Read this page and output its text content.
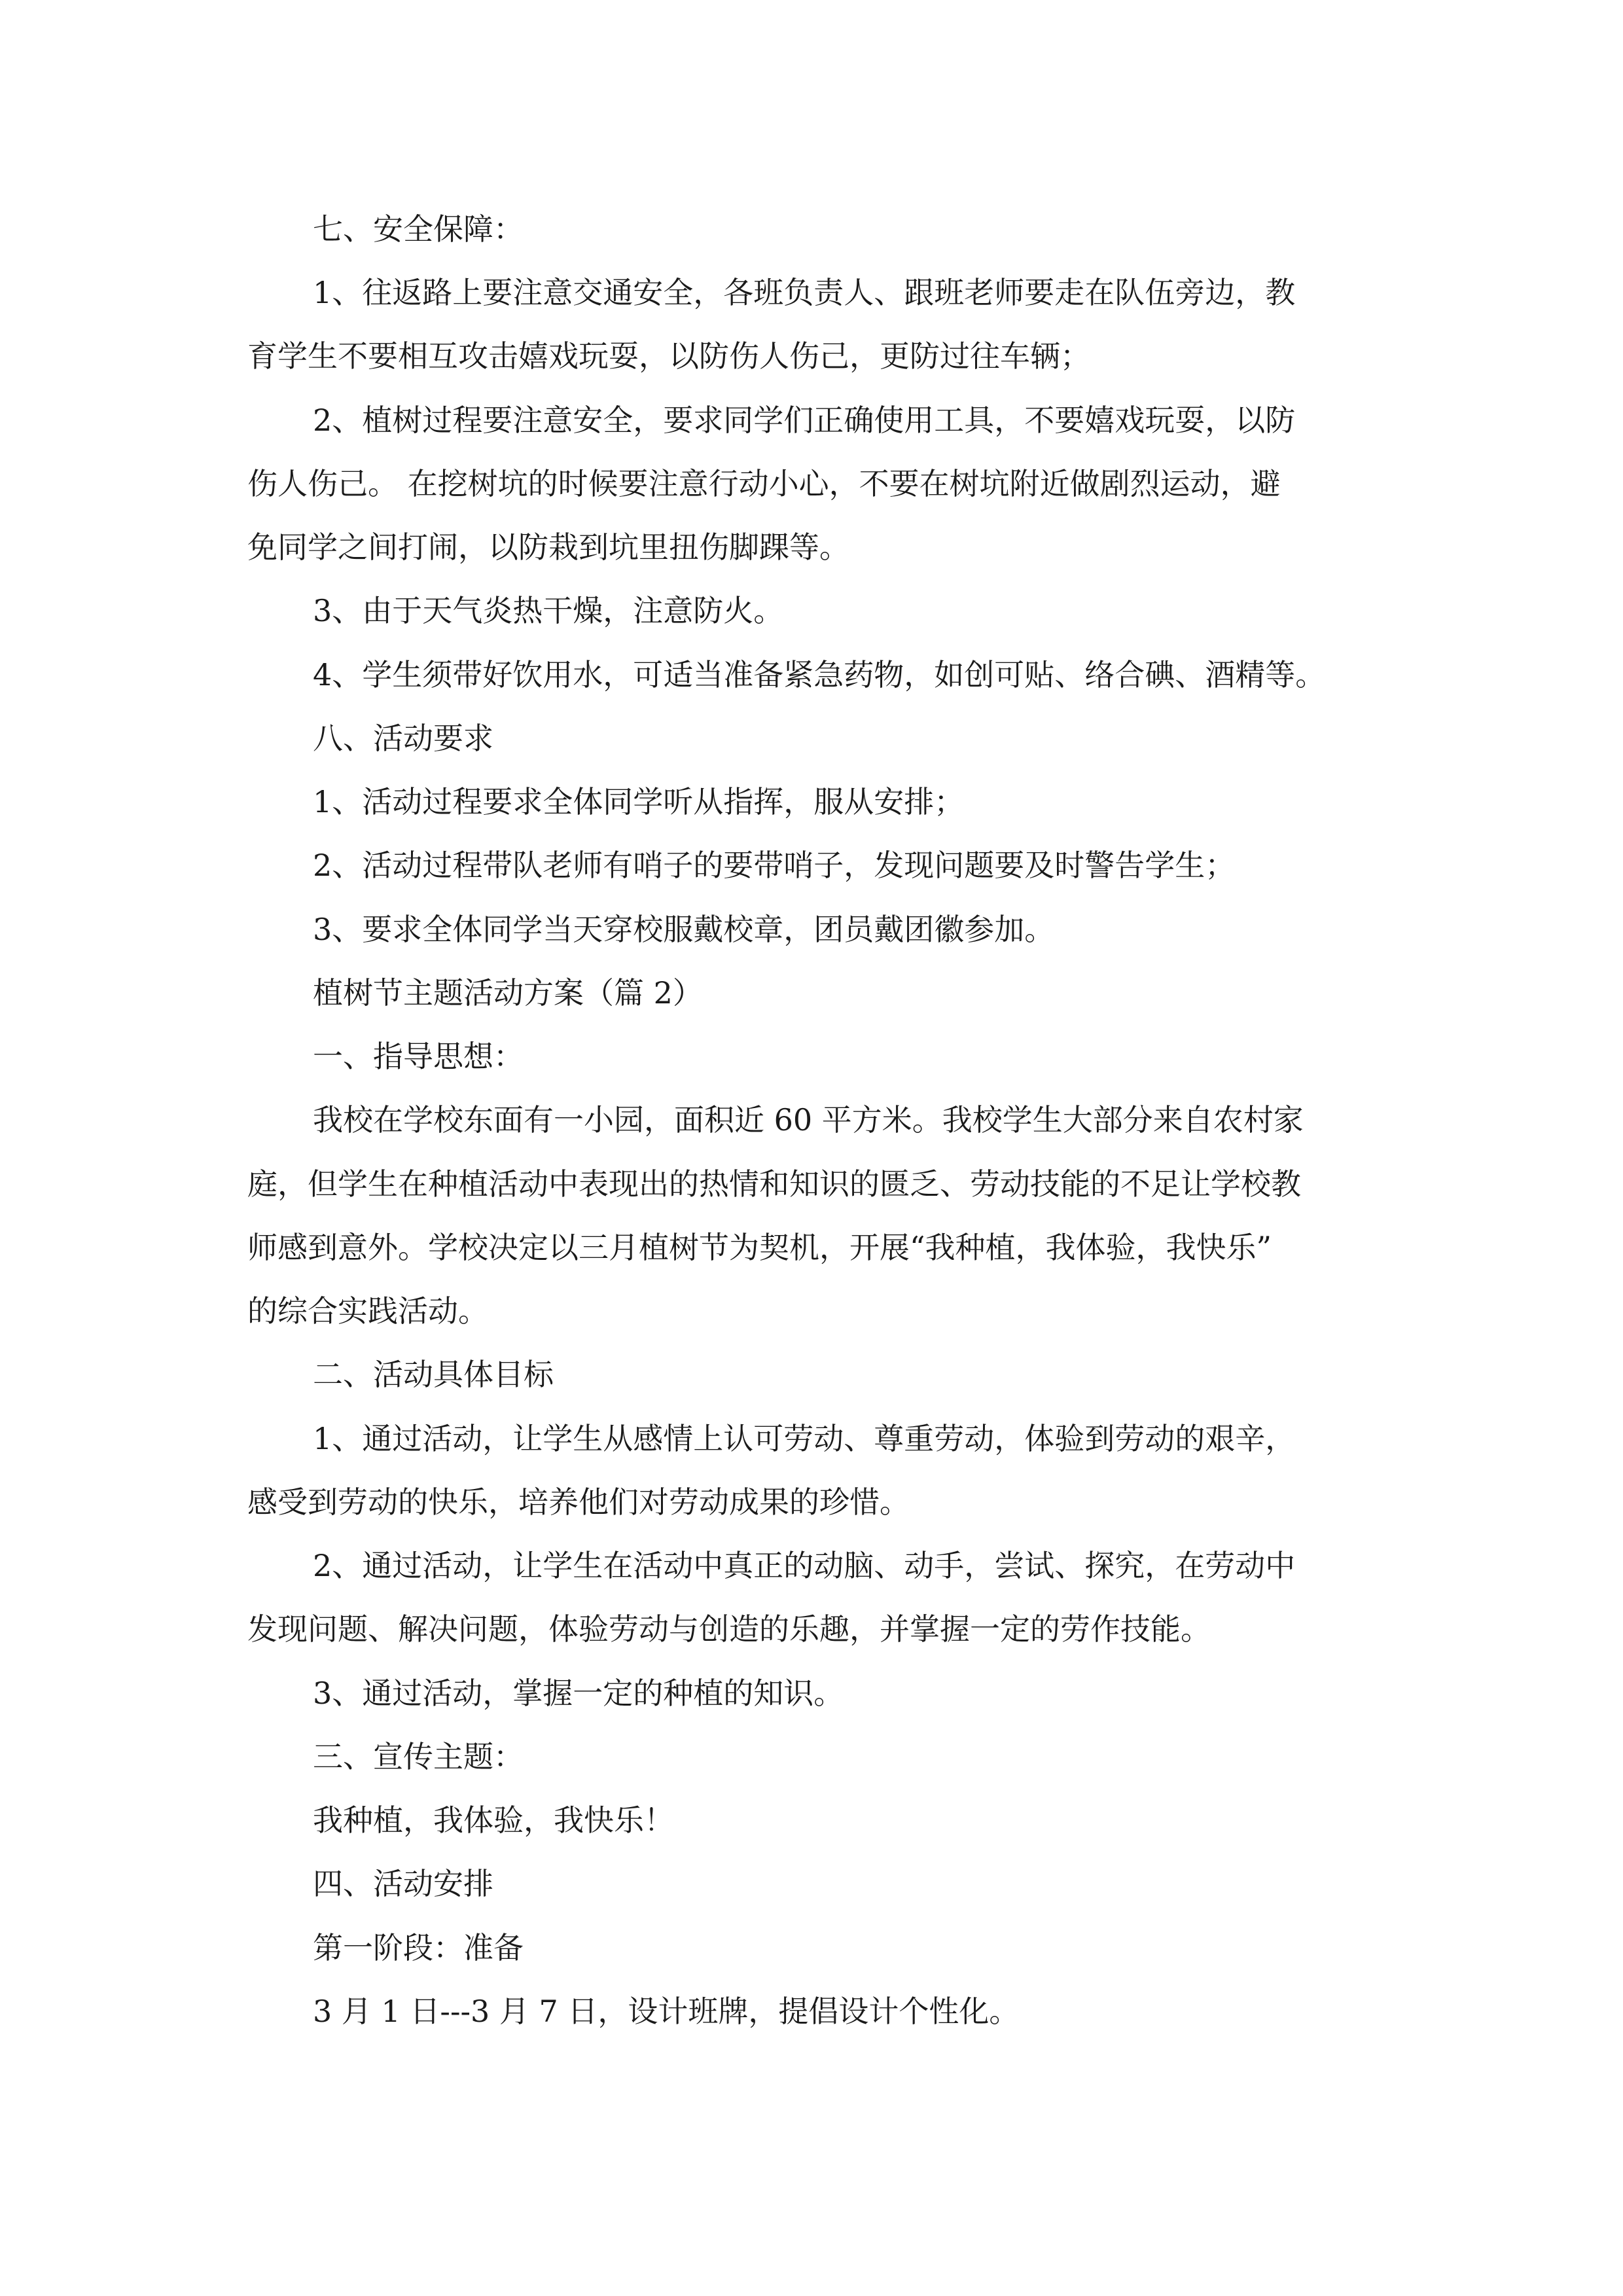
七、安全保障：

1、往返路上要注意交通安全，各班负责人、跟班老师要走在队伍旁边，教

育学生不要相互攻击嬉戏玩耍，以防伤人伤己，更防过往车辆；

2、植树过程要注意安全，要求同学们正确使用工具，不要嬉戏玩耍，以防

伤人伤己。 在挖树坑的时候要注意行动小心，不要在树坑附近做剧烈运动，避

免同学之间打闹，以防栽到坑里扭伤脚踝等。

3、由于天气炎热干燥，注意防火。

4、学生须带好饮用水，可适当准备紧急药物，如创可贴、络合碘、酒精等。

八、活动要求

1、活动过程要求全体同学听从指挥，服从安排；

2、活动过程带队老师有哨子的要带哨子，发现问题要及时警告学生；

3、要求全体同学当天穿校服戴校章，团员戴团徽参加。

植树节主题活动方案（篇 2）

一、指导思想：

我校在学校东面有一小园，面积近 60 平方米。我校学生大部分来自农村家

庭，但学生在种植活动中表现出的热情和知识的匮乏、劳动技能的不足让学校教

师感到意外。学校决定以三月植树节为契机，开展“我种植，我体验，我快乐”

的综合实践活动。

二、活动具体目标

1、通过活动，让学生从感情上认可劳动、尊重劳动，体验到劳动的艰辛，

感受到劳动的快乐，培养他们对劳动成果的珍惜。

2、通过活动，让学生在活动中真正的动脑、动手，尝试、探究，在劳动中

发现问题、解决问题，体验劳动与创造的乐趣，并掌握一定的劳作技能。

3、通过活动，掌握一定的种植的知识。

三、宣传主题：

我种植，我体验，我快乐！

四、活动安排

第一阶段：准备

3 月 1 日---3 月 7 日，设计班牌，提倡设计个性化。
